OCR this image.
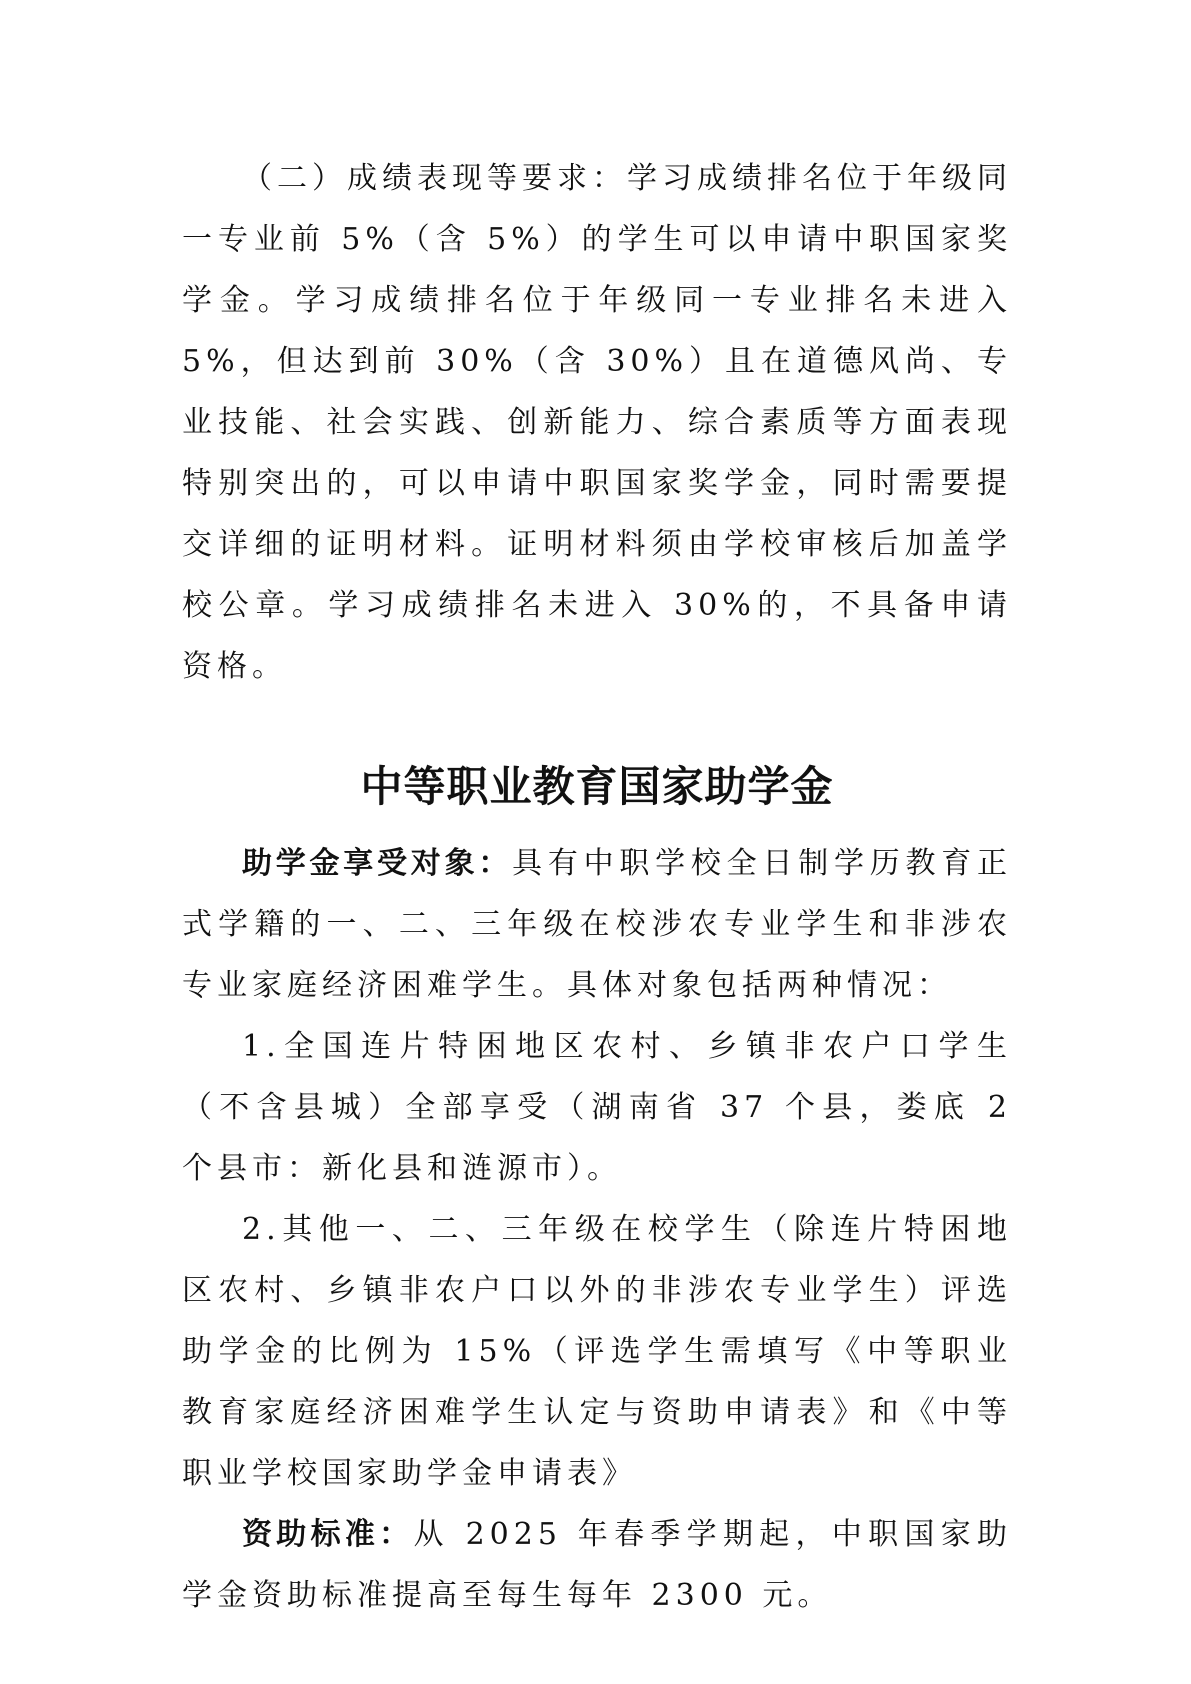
（二）成绩表现等要求：学习成绩排名位于年级同一专业前 5%（含 5%）的学生可以申请中职国家奖学金。学习成绩排名位于年级同一专业排名未进入 5%，但达到前 30%（含 30%）且在道德风尚、专业技能、社会实践、创新能力、综合素质等方面表现特别突出的，可以申请中职国家奖学金，同时需要提交详细的证明材料。证明材料须由学校审核后加盖学校公章。学习成绩排名未进入 30%的，不具备申请资格。

中等职业教育国家助学金

助学金享受对象：具有中职学校全日制学历教育正式学籍的一、二、三年级在校涉农专业学生和非涉农专业家庭经济困难学生。具体对象包括两种情况：

1.全国连片特困地区农村、乡镇非农户口学生（不含县城）全部享受（湖南省 37 个县，娄底 2 个县市：新化县和涟源市）。

2.其他一、二、三年级在校学生（除连片特困地区农村、乡镇非农户口以外的非涉农专业学生）评选助学金的比例为 15%（评选学生需填写《中等职业教育家庭经济困难学生认定与资助申请表》和《中等职业学校国家助学金申请表》

资助标准：从 2025 年春季学期起，中职国家助学金资助标准提高至每生每年 2300 元。
